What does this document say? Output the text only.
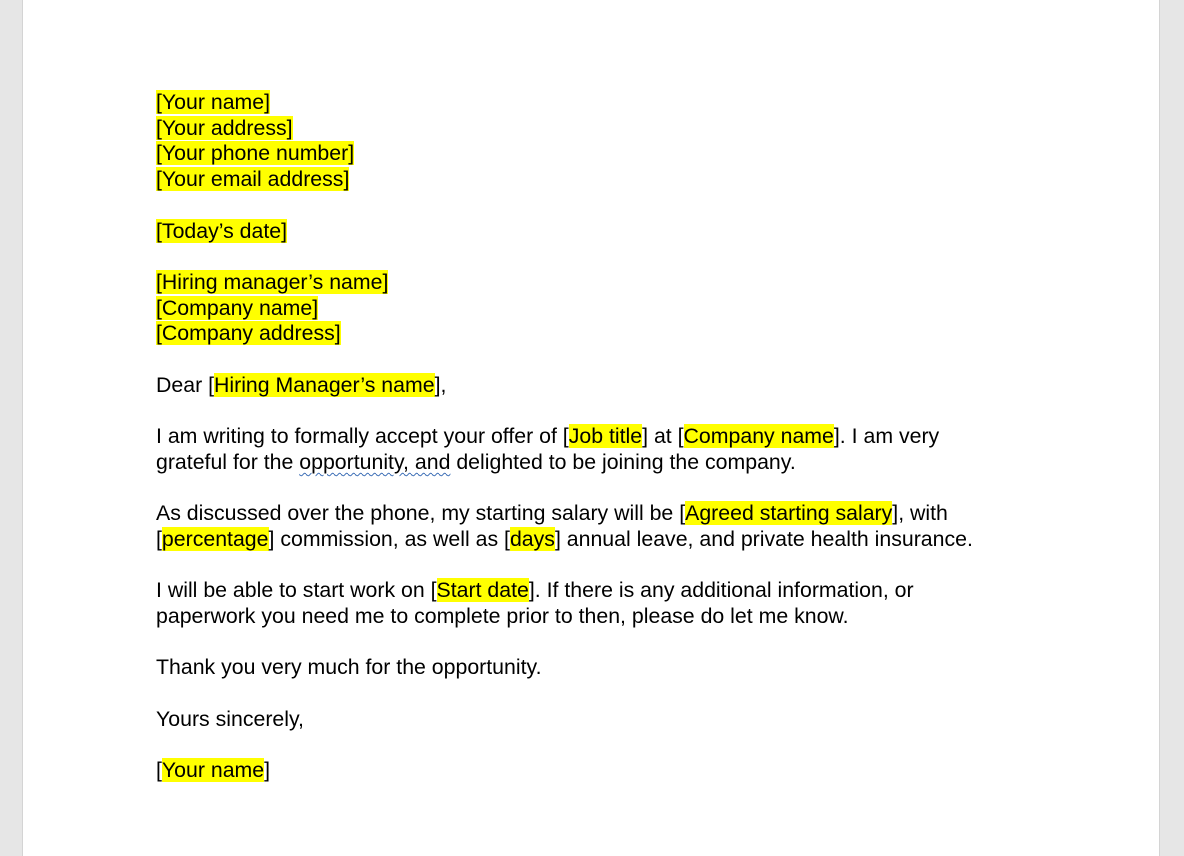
[Your name]
[Your address]
[Your phone number]
[Your email address]
[Today’s date]
[Hiring manager’s name]
[Company name]
[Company address]
Dear [Hiring Manager’s name],
I am writing to formally accept your offer of [Job title] at [Company name]. I am very
grateful for the opportunity, and delighted to be joining the company.
As discussed over the phone, my starting salary will be [Agreed starting salary], with
[percentage] commission, as well as [days] annual leave, and private health insurance.
I will be able to start work on [Start date]. If there is any additional information, or
paperwork you need me to complete prior to then, please do let me know.
Thank you very much for the opportunity.
Yours sincerely,
[Your name]
